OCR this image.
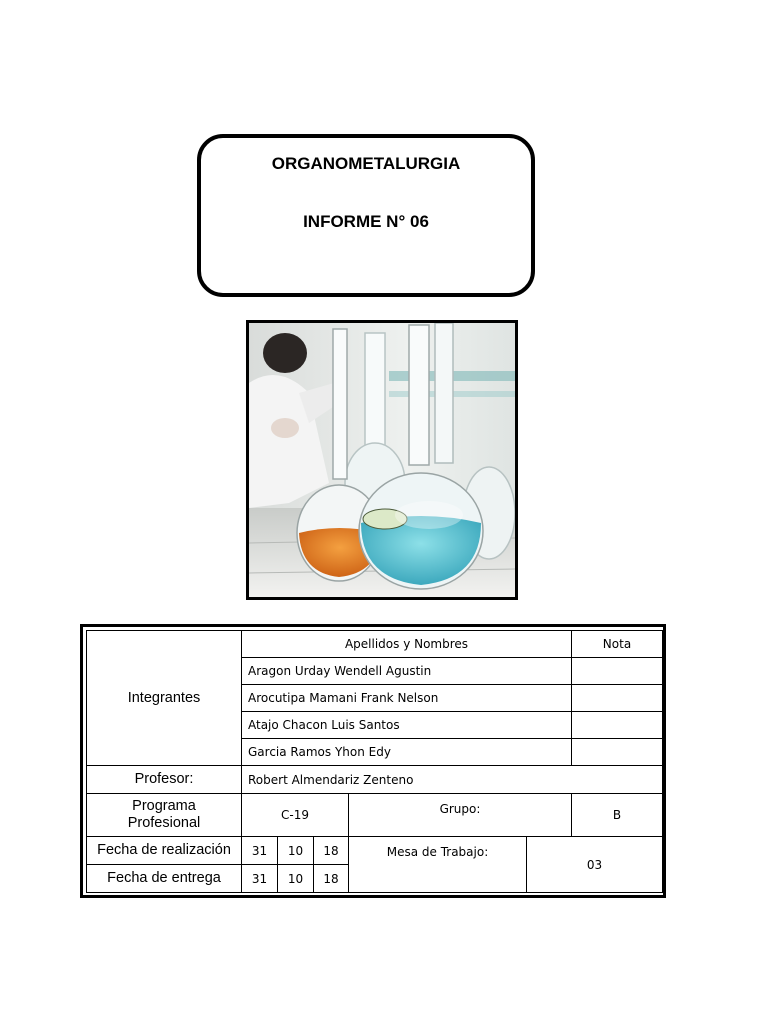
ORGANOMETALURGIA
INFORME N° 06
Integrantes	Apellidos y Nombres					Nota
	Aragon Urday Wendell Agustin					
	Arocutipa Mamani Frank Nelson					
	Atajo Chacon Luis Santos					
	Garcia Ramos Yhon Edy					
Profesor:	Robert Almendariz Zenteno					

Programa
Profesional	C-19			Grupo:		B
Fecha de realización	31	10	18	Mesa de Trabajo:	03	
Fecha de entrega	31	10	18			
